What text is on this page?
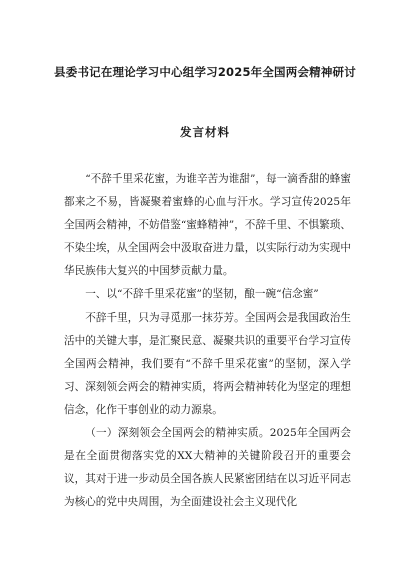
县委书记在理论学习中心组学习2025年全国两会精神研讨
发言材料

“不辞千里采花蜜，为谁辛苦为谁甜”，每一滴香甜的蜂蜜都来之不易，皆凝聚着蜜蜂的心血与汗水。学习宣传2025年全国两会精神，不妨借鉴“蜜蜂精神”，不辞千里、不惧繁琐、不染尘埃，从全国两会中汲取奋进力量，以实际行动为实现中华民族伟大复兴的中国梦贡献力量。

一、以“不辞千里采花蜜”的坚韧，酿一碗“信念蜜”

不辞千里，只为寻觅那一抹芬芳。全国两会是我国政治生活中的关键大事，是汇聚民意、凝聚共识的重要平台学习宣传全国两会精神，我们要有“不辞千里采花蜜”的坚韧，深入学习、深刻领会两会的精神实质，将两会精神转化为坚定的理想信念，化作干事创业的动力源泉。

（一）深刻领会全国两会的精神实质。2025年全国两会是在全面贯彻落实党的XX大精神的关键阶段召开的重要会议，其对于进一步动员全国各族人民紧密团结在以习近平同志为核心的党中央周围，为全面建设社会主义现代化
